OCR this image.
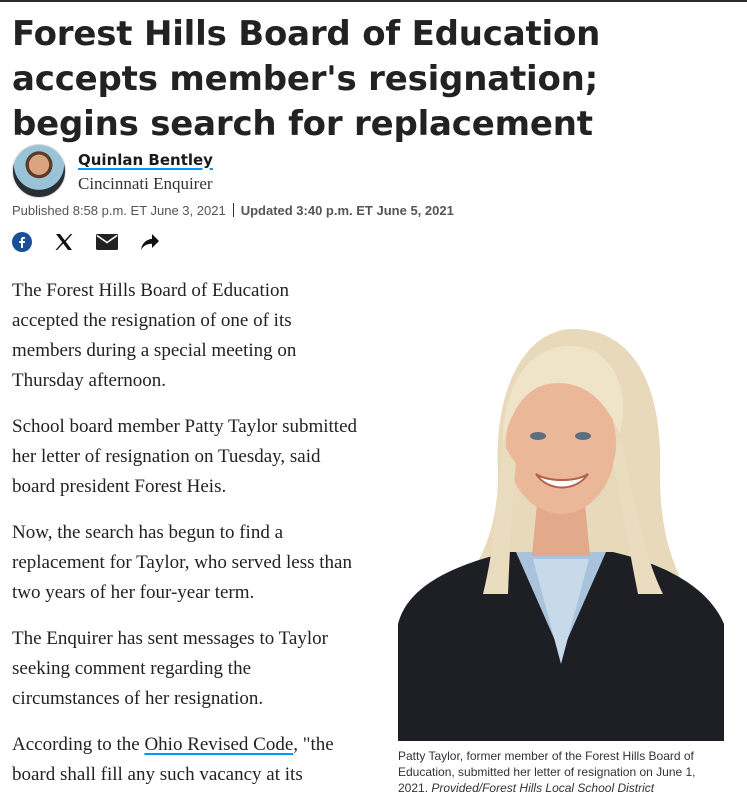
Forest Hills Board of Education accepts member's resignation; begins search for replacement
Quinlan Bentley
Cincinnati Enquirer
Published 8:58 p.m. ET June 3, 2021 Updated 3:40 p.m. ET June 5, 2021

The Forest Hills Board of Education accepted the resignation of one of its members during a special meeting on Thursday afternoon.

School board member Patty Taylor submitted her letter of resignation on Tuesday, said board president Forest Heis.

Now, the search has begun to find a replacement for Taylor, who served less than two years of her four-year term.

The Enquirer has sent messages to Taylor seeking comment regarding the circumstances of her resignation.

According to the Ohio Revised Code, "the board shall fill any such vacancy at its

Patty Taylor, former member of the Forest Hills Board of Education, submitted her letter of resignation on June 1, 2021. Provided/Forest Hills Local School District
